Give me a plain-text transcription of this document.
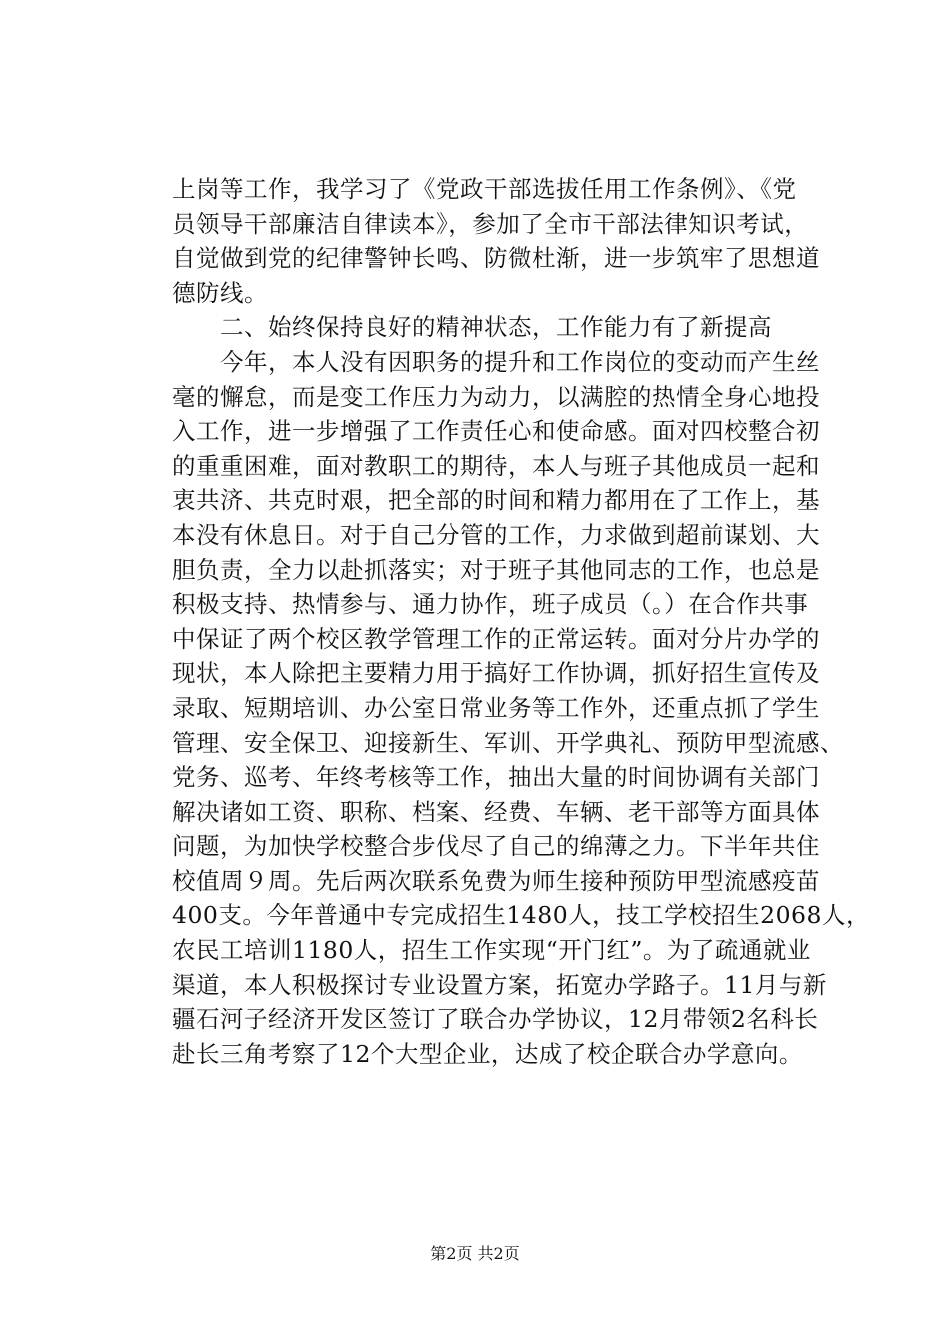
上岗等工作，我学习了《党政干部选拔任用工作条例》、《党
员领导干部廉洁自律读本》，参加了全市干部法律知识考试，
自觉做到党的纪律警钟长鸣、防微杜渐，进一步筑牢了思想道
德防线。
　　二、始终保持良好的精神状态，工作能力有了新提高
　　今年，本人没有因职务的提升和工作岗位的变动而产生丝
毫的懈怠，而是变工作压力为动力，以满腔的热情全身心地投
入工作，进一步增强了工作责任心和使命感。面对四校整合初
的重重困难，面对教职工的期待，本人与班子其他成员一起和
衷共济、共克时艰，把全部的时间和精力都用在了工作上，基
本没有休息日。对于自己分管的工作，力求做到超前谋划、大
胆负责，全力以赴抓落实；对于班子其他同志的工作，也总是
积极支持、热情参与、通力协作，班子成员（。）在合作共事
中保证了两个校区教学管理工作的正常运转。面对分片办学的
现状，本人除把主要精力用于搞好工作协调，抓好招生宣传及
录取、短期培训、办公室日常业务等工作外，还重点抓了学生
管理、安全保卫、迎接新生、军训、开学典礼、预防甲型流感、
党务、巡考、年终考核等工作，抽出大量的时间协调有关部门
解决诸如工资、职称、档案、经费、车辆、老干部等方面具体
问题，为加快学校整合步伐尽了自己的绵薄之力。下半年共住
校值周９周。先后两次联系免费为师生接种预防甲型流感疫苗
400支。今年普通中专完成招生1480人，技工学校招生2068人，
农民工培训1180人，招生工作实现“开门红”。为了疏通就业
渠道，本人积极探讨专业设置方案，拓宽办学路子。11月与新
疆石河子经济开发区签订了联合办学协议，12月带领2名科长
赴长三角考察了12个大型企业，达成了校企联合办学意向。
第2页 共2页
